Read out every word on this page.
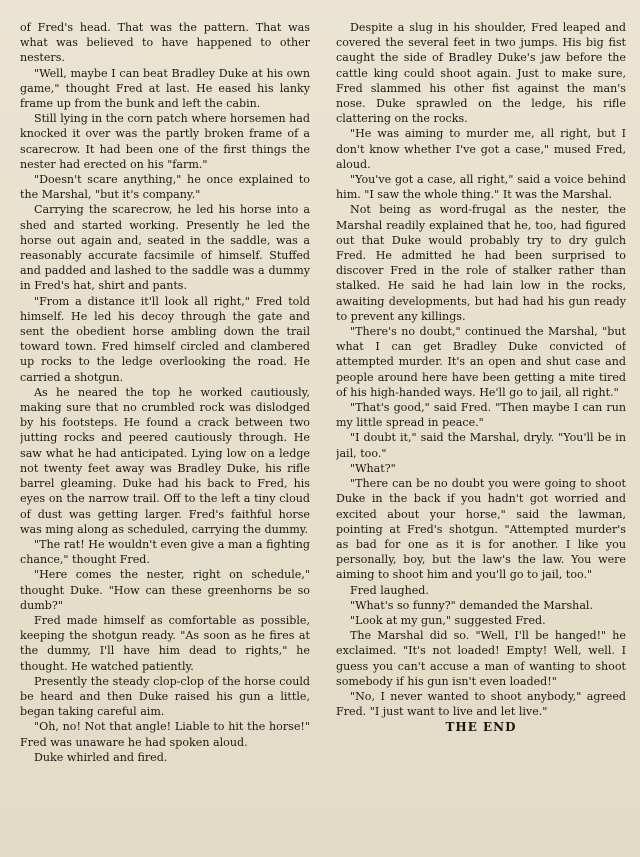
of Fred's head. That was the pattern. That was what was believed to have happened to other nesters.

"Well, maybe I can beat Bradley Duke at his own game," thought Fred at last. He eased his lanky frame up from the bunk and left the cabin.

Still lying in the corn patch where horsemen had knocked it over was the partly broken frame of a scarecrow. It had been one of the first things the nester had erected on his "farm."

"Doesn't scare anything," he once explained to the Marshal, "but it's company."

Carrying the scarecrow, he led his horse into a shed and started working. Presently he led the horse out again and, seated in the saddle, was a reasonably accurate facsimile of himself. Stuffed and padded and lashed to the saddle was a dummy in Fred's hat, shirt and pants.

"From a distance it'll look all right," Fred told himself. He led his decoy through the gate and sent the obedient horse ambling down the trail toward town. Fred himself circled and clambered up rocks to the ledge overlooking the road. He carried a shotgun.

As he neared the top he worked cautiously, making sure that no crumbled rock was dislodged by his footsteps. He found a crack between two jutting rocks and peered cautiously through. He saw what he had anticipated. Lying low on a ledge not twenty feet away was Bradley Duke, his rifle barrel gleaming. Duke had his back to Fred, his eyes on the narrow trail. Off to the left a tiny cloud of dust was getting larger. Fred's faithful horse was ming along as scheduled, carrying the dummy.

"The rat! He wouldn't even give a man a fighting chance," thought Fred.

"Here comes the nester, right on schedule," thought Duke. "How can these greenhorns be so dumb?"

Fred made himself as comfortable as possible, keeping the shotgun ready. "As soon as he fires at the dummy, I'll have him dead to rights," he thought. He watched patiently.

Presently the steady clop-clop of the horse could be heard and then Duke raised his gun a little, began taking careful aim.

"Oh, no! Not that angle! Liable to hit the horse!" Fred was unaware he had spoken aloud.

Duke whirled and fired.

Despite a slug in his shoulder, Fred leaped and covered the several feet in two jumps. His big fist caught the side of Bradley Duke's jaw before the cattle king could shoot again. Just to make sure, Fred slammed his other fist against the man's nose. Duke sprawled on the ledge, his rifle clattering on the rocks.

"He was aiming to murder me, all right, but I don't know whether I've got a case," mused Fred, aloud.

"You've got a case, all right," said a voice behind him. "I saw the whole thing." It was the Marshal.

Not being as word-frugal as the nester, the Marshal readily explained that he, too, had figured out that Duke would probably try to dry gulch Fred. He admitted he had been surprised to discover Fred in the role of stalker rather than stalked. He said he had lain low in the rocks, awaiting developments, but had had his gun ready to prevent any killings.

"There's no doubt," continued the Marshal, "but what I can get Bradley Duke convicted of attempted murder. It's an open and shut case and people around here have been getting a mite tired of his high-handed ways. He'll go to jail, all right."

"That's good," said Fred. "Then maybe I can run my little spread in peace."

"I doubt it," said the Marshal, dryly. "You'll be in jail, too."

"What?"

"There can be no doubt you were going to shoot Duke in the back if you hadn't got worried and excited about your horse," said the lawman, pointing at Fred's shotgun. "Attempted murder's as bad for one as it is for another. I like you personally, boy, but the law's the law. You were aiming to shoot him and you'll go to jail, too."

Fred laughed.

"What's so funny?" demanded the Marshal.

"Look at my gun," suggested Fred.

The Marshal did so. "Well, I'll be hanged!" he exclaimed. "It's not loaded! Empty! Well, well. I guess you can't accuse a man of wanting to shoot somebody if his gun isn't even loaded!"

"No, I never wanted to shoot anybody," agreed Fred. "I just want to live and let live."

THE END
